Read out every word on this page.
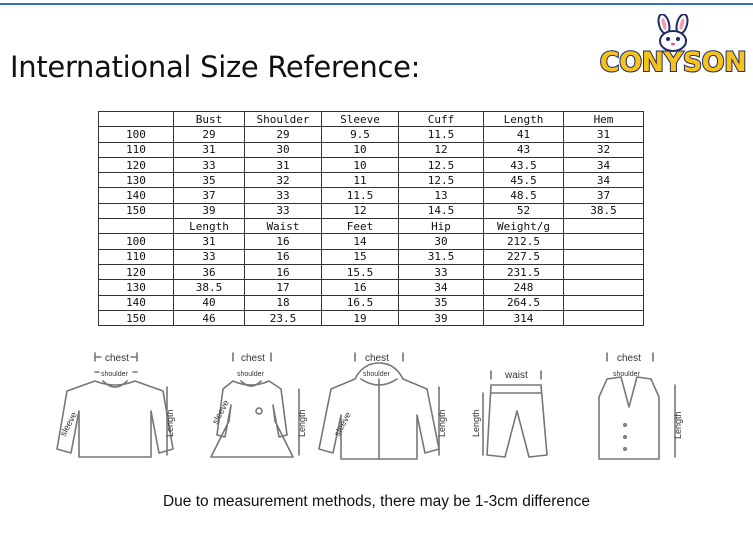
International Size Reference:	CONYSON
	Bust	Shoulder	Sleeve	Cuff	Length	Hem
100	29	29	9.5	11.5	41	31
110	31	30	10	12	43	32
120	33	31	10	12.5	43.5	34
130	35	32	11	12.5	45.5	34
140	37	33	11.5	13	48.5	37
150	39	33	12	14.5	52	38.5
	Length	Waist	Feet	Hip	Weight/g	
100	31	16	14	30	212.5	
110	33	16	15	31.5	227.5	
120	36	16	15.5	33	231.5	
130	38.5	17	16	34	248	
140	40	18	16.5	35	264.5	
150	46	23.5	19	39	314	
chest
shoulder
sleeve	Length
chest
shoulder
sleeve	Length
chest
shoulder
sleeve	Length
waist
Length
chest
shoulder
Length
Due to measurement methods, there may be 1-3cm difference
